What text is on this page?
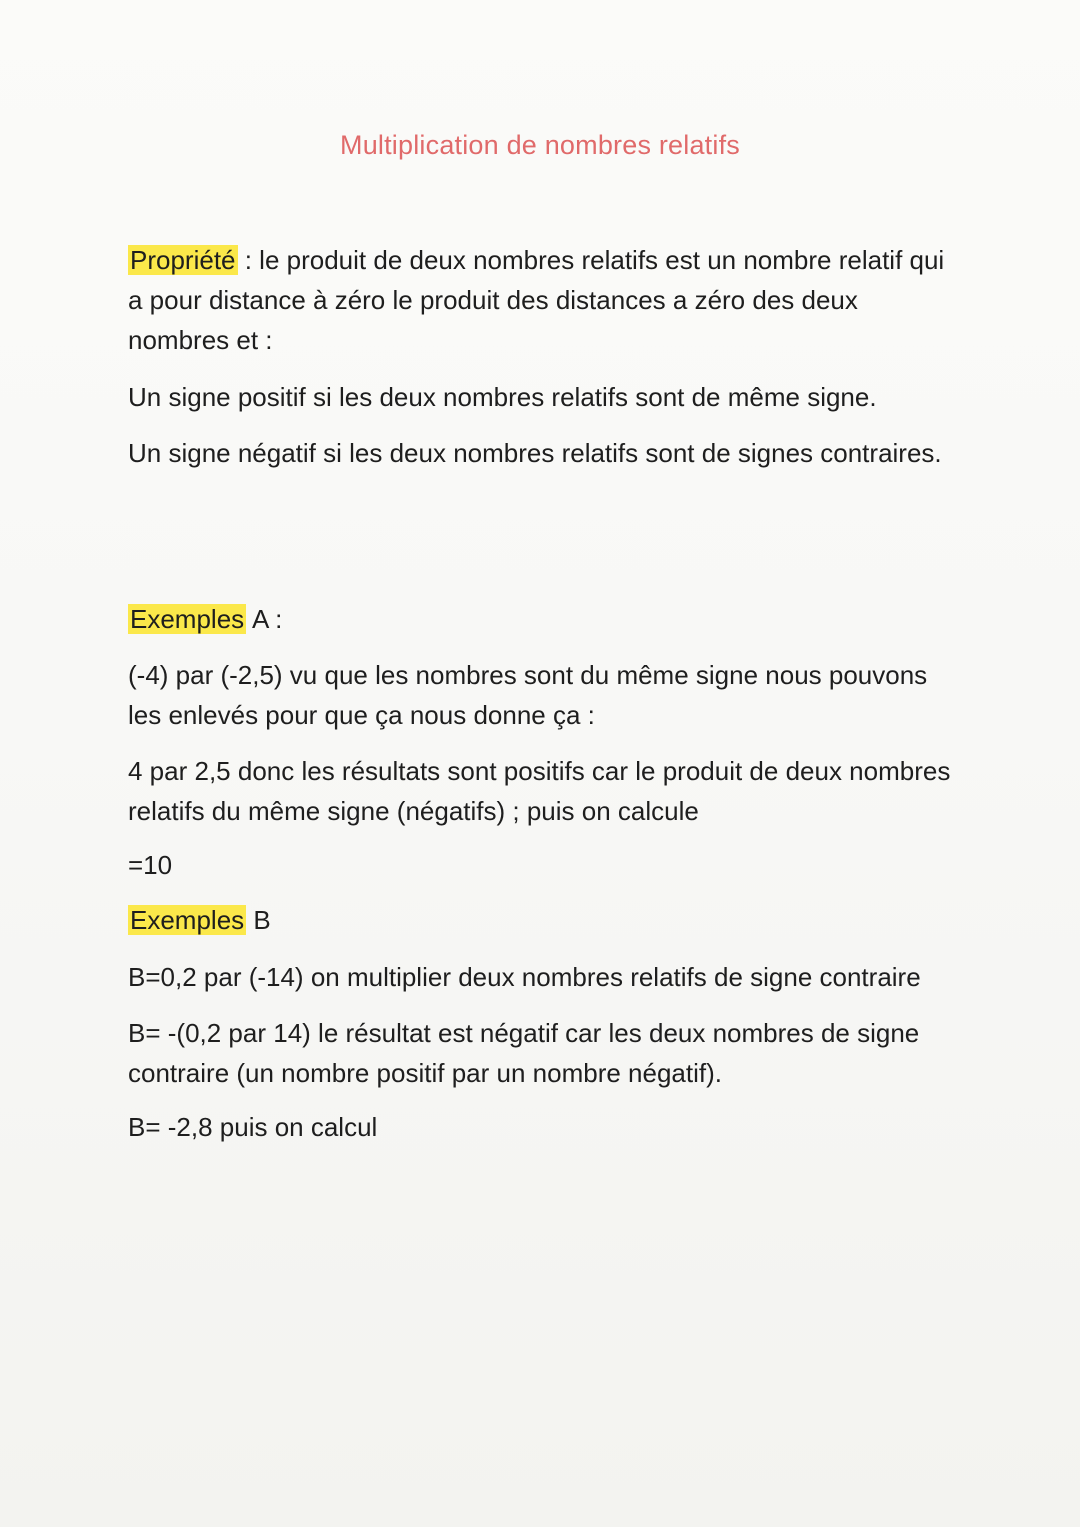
Multiplication de nombres relatifs

Propriété : le produit de deux nombres relatifs est un nombre relatif qui a pour distance à zéro le produit des distances a zéro des deux nombres et :

Un signe positif si les deux nombres relatifs sont de même signe.

Un signe négatif si les deux nombres relatifs sont de signes contraires.

Exemples A :

(-4) par (-2,5) vu que les nombres sont du même signe nous pouvons les enlevés pour que ça nous donne ça :

4 par 2,5 donc les résultats sont positifs car le produit de deux nombres relatifs du même signe (négatifs) ; puis on calcule

=10

Exemples B

B=0,2 par (-14) on multiplier deux nombres relatifs de signe contraire

B= -(0,2 par 14) le résultat est négatif car les deux nombres de signe contraire (un nombre positif par un nombre négatif).

B= -2,8 puis on calcul
